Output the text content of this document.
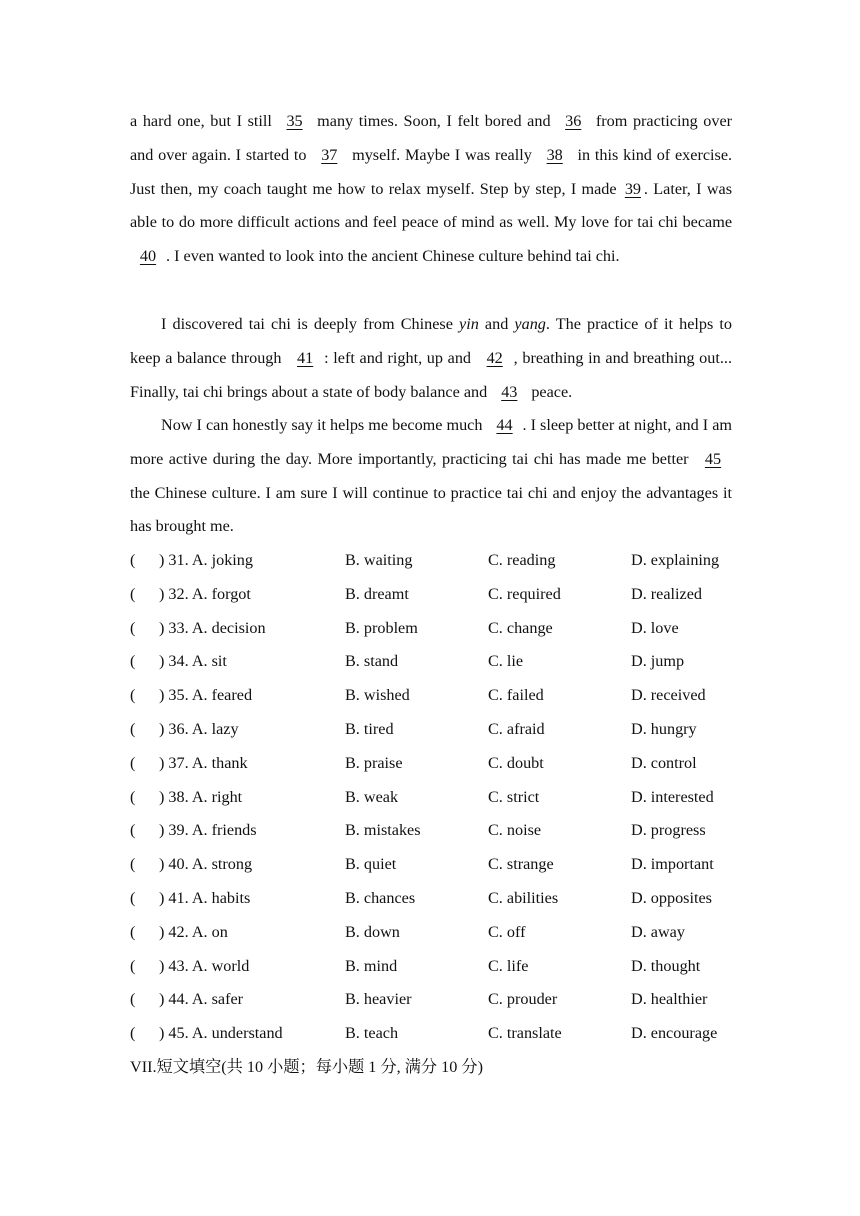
a hard one, but I still 35 many times. Soon, I felt bored and 36 from practicing over and over again. I started to 37 myself. Maybe I was really 38 in this kind of exercise. Just then, my coach taught me how to relax myself. Step by step, I made 39 . Later, I was able to do more difficult actions and feel peace of mind as well. My love for tai chi became 40 . I even wanted to look into the ancient Chinese culture behind tai chi.

I discovered tai chi is deeply from Chinese yin and yang. The practice of it helps to keep a balance through 41 : left and right, up and 42 , breathing in and breathing out... Finally, tai chi brings about a state of body balance and 43 peace.

Now I can honestly say it helps me become much 44 . I sleep better at night, and I am more active during the day. More importantly, practicing tai chi has made me better 45 the Chinese culture. I am sure I will continue to practice tai chi and enjoy the advantages it has brought me.

( ) 31. A. joking	B. waiting	C. reading	D. explaining
( ) 32. A. forgot	B. dreamt	C. required	D. realized
( ) 33. A. decision	B. problem	C. change	D. love
( ) 34. A. sit	B. stand	C. lie	D. jump
( ) 35. A. feared	B. wished	C. failed	D. received
( ) 36. A. lazy	B. tired	C. afraid	D. hungry
( ) 37. A. thank	B. praise	C. doubt	D. control
( ) 38. A. right	B. weak	C. strict	D. interested
( ) 39. A. friends	B. mistakes	C. noise	D. progress
( ) 40. A. strong	B. quiet	C. strange	D. important
( ) 41. A. habits	B. chances	C. abilities	D. opposites
( ) 42. A. on	B. down	C. off	D. away
( ) 43. A. world	B. mind	C. life	D. thought
( ) 44. A. safer	B. heavier	C. prouder	D. healthier
( ) 45. A. understand	B. teach	C. translate	D. encourage
VII.短文填空(共 10 小题；每小题 1 分, 满分 10 分)
